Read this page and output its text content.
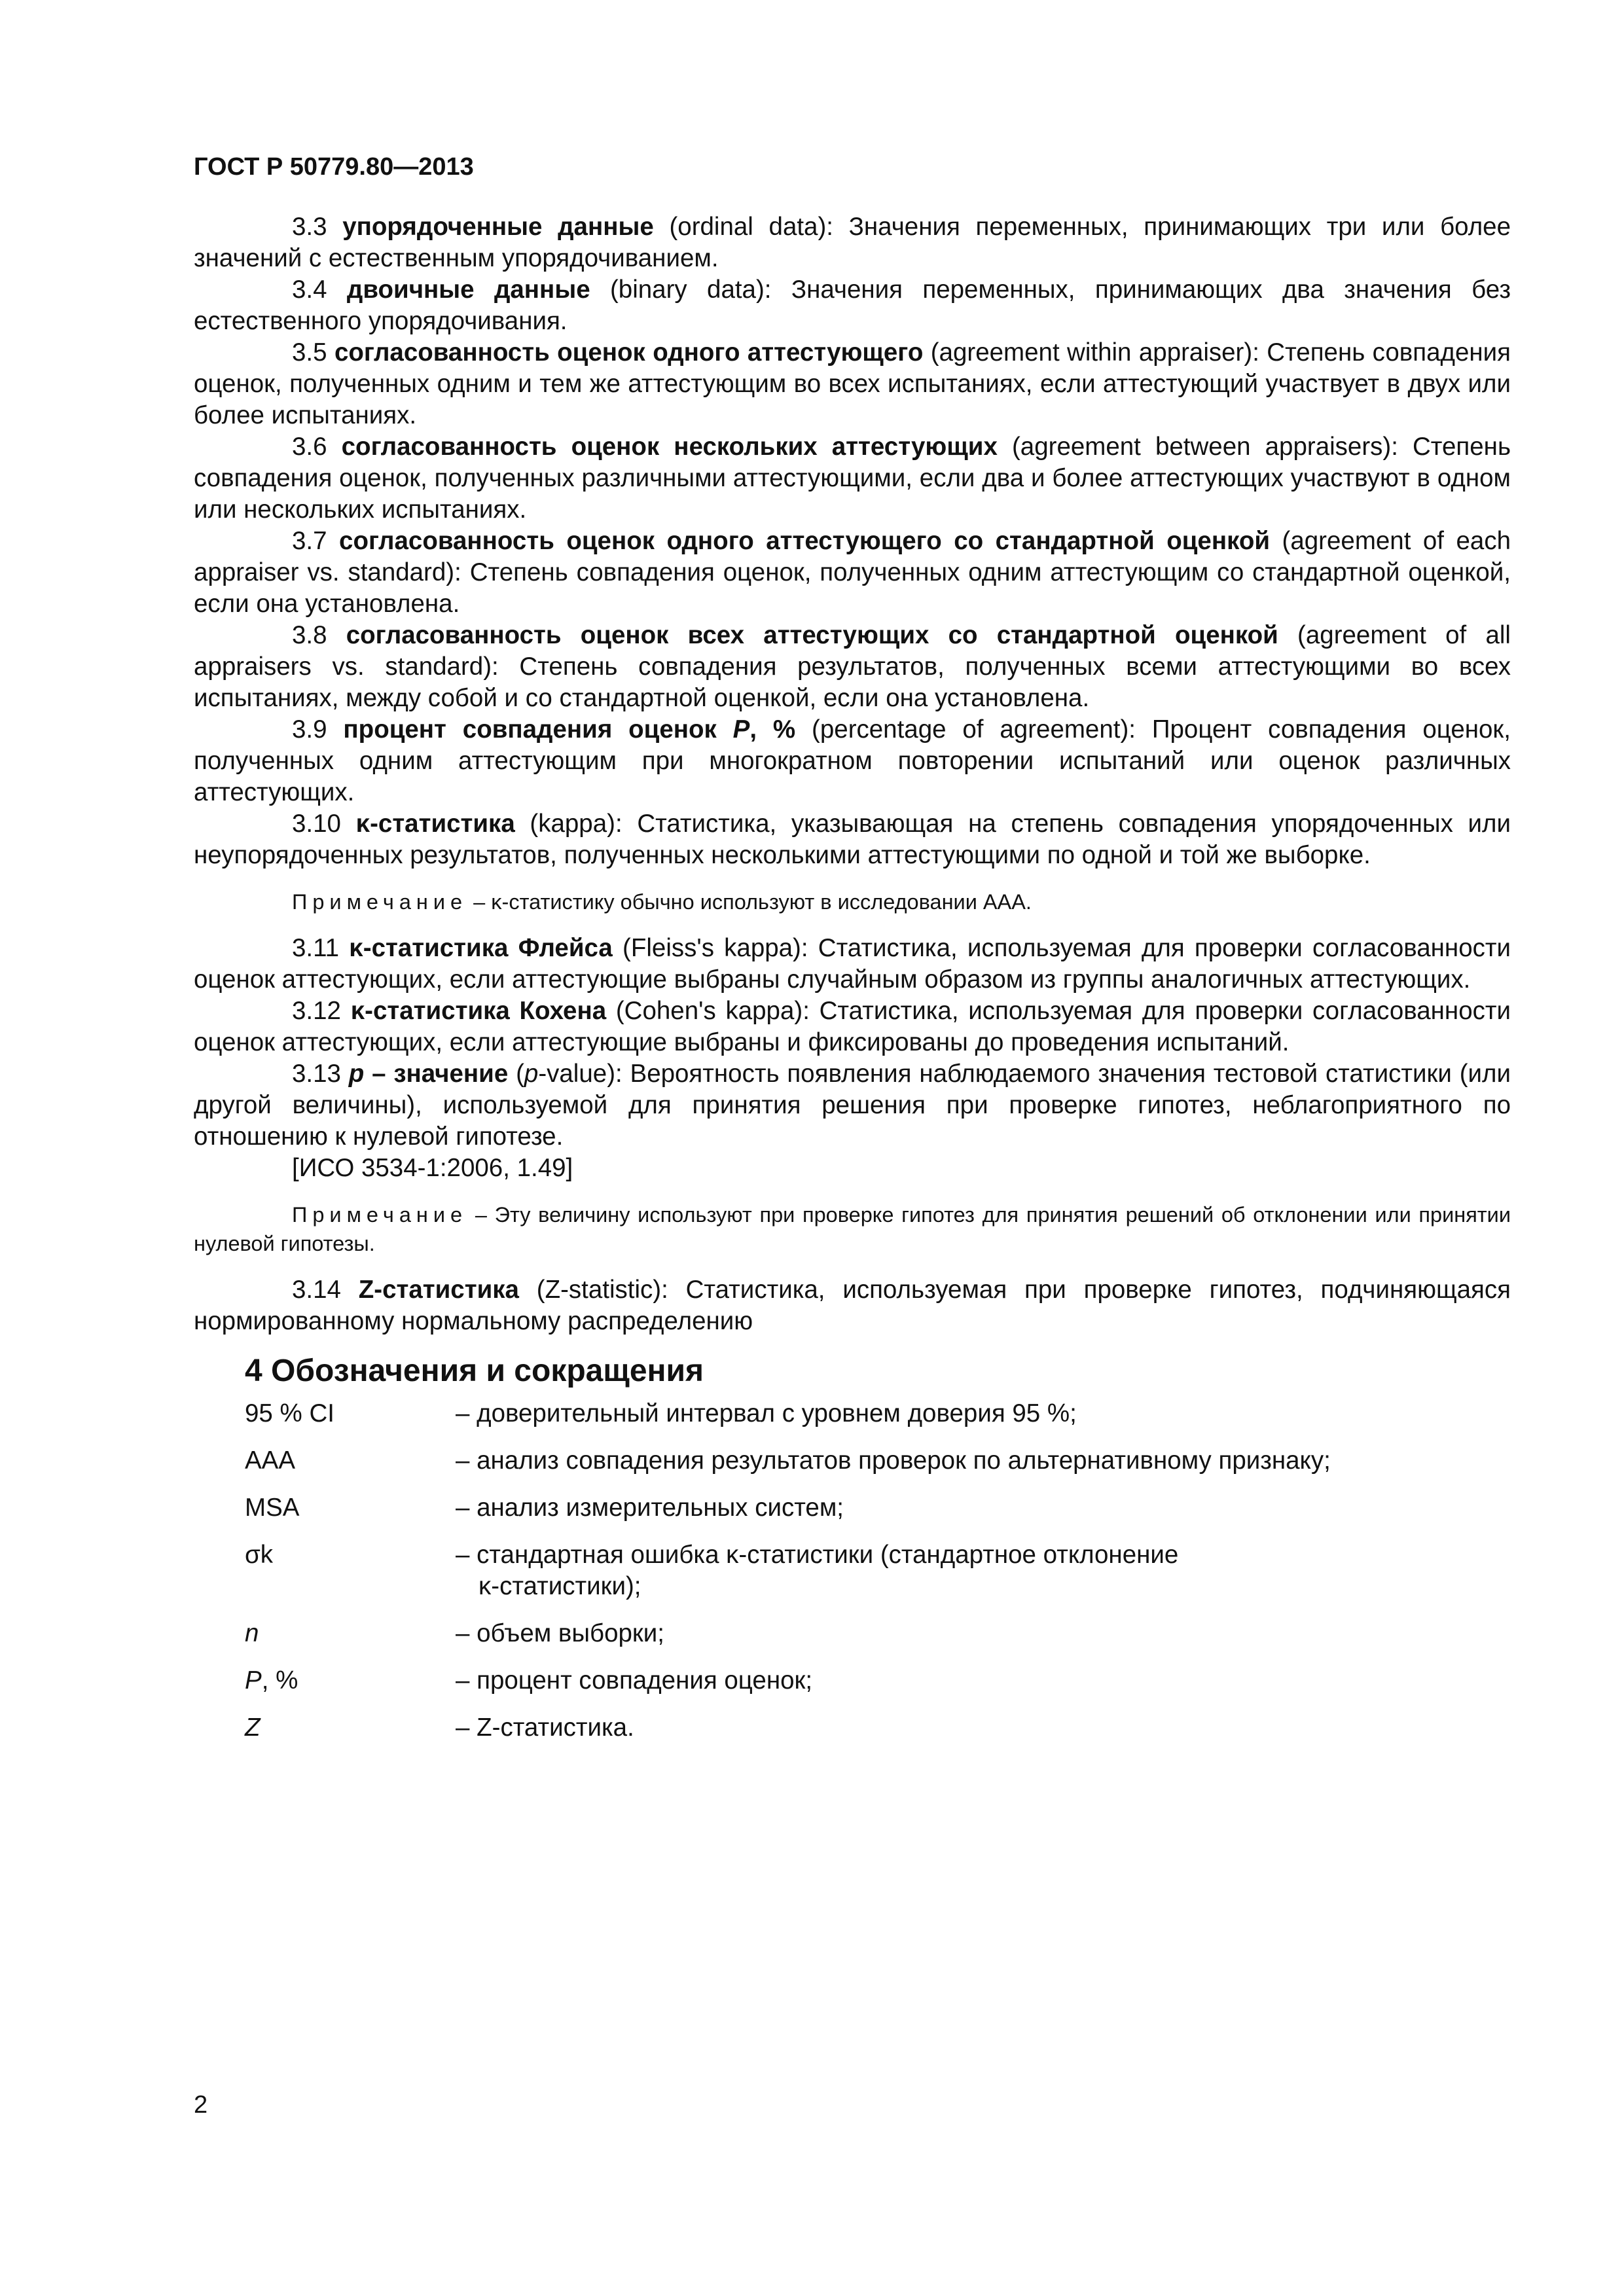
ГОСТ Р 50779.80—2013

3.3 упорядоченные данные (ordinal data): Значения переменных, принимающих три или более значений с естественным упорядочиванием.

3.4 двоичные данные (binary data): Значения переменных, принимающих два значения без естественного упорядочивания.

3.5 согласованность оценок одного аттестующего (agreement within appraiser): Степень совпадения оценок, полученных одним и тем же аттестующим во всех испытаниях, если аттестующий участвует в двух или более испытаниях.

3.6 согласованность оценок нескольких аттестующих (agreement between appraisers): Степень совпадения оценок, полученных различными аттестующими, если два и более аттестующих участвуют в одном или нескольких испытаниях.

3.7 согласованность оценок одного аттестующего со стандартной оценкой (agreement of each appraiser vs. standard): Степень совпадения оценок, полученных одним аттестующим со стандартной оценкой, если она установлена.

3.8 согласованность оценок всех аттестующих со стандартной оценкой (agreement of all appraisers vs. standard): Степень совпадения результатов, полученных всеми аттестующими во всех испытаниях, между собой и со стандартной оценкой, если она установлена.

3.9 процент совпадения оценок P, % (percentage of agreement): Процент совпадения оценок, полученных одним аттестующим при многократном повторении испытаний или оценок различных аттестующих.

3.10 κ-статистика (kappa): Статистика, указывающая на степень совпадения упорядоченных или неупорядоченных результатов, полученных несколькими аттестующими по одной и той же выборке.

Примечание – κ-статистику обычно используют в исследовании ААА.

3.11 κ-статистика Флейса (Fleiss's kappa): Статистика, используемая для проверки согласованности оценок аттестующих, если аттестующие выбраны случайным образом из группы аналогичных аттестующих.

3.12 κ-статистика Кохена (Cohen's kappa): Статистика, используемая для проверки согласованности оценок аттестующих, если аттестующие выбраны и фиксированы до проведения испытаний.

3.13 p – значение (p-value): Вероятность появления наблюдаемого значения тестовой статистики (или другой величины), используемой для принятия решения при проверке гипотез, неблагоприятного по отношению к нулевой гипотезе.

[ИСО 3534-1:2006, 1.49]

Примечание – Эту величину используют при проверке гипотез для принятия решений об отклонении или принятии нулевой гипотезы.

3.14 Z-статистика (Z-statistic): Статистика, используемая при проверке гипотез, подчиняющаяся нормированному нормальному распределению

4 Обозначения и сокращения
95 % CI	– доверительный интервал с уровнем доверия 95 %;
AAA	– анализ совпадения результатов проверок по альтернативному признаку;
MSA	– анализ измерительных систем;
σk	– стандартная ошибка κ-статистики (стандартное отклонение
κ-статистики);
n	– объем выборки;
P, %	– процент совпадения оценок;
Z	– Z-статистика.
2
